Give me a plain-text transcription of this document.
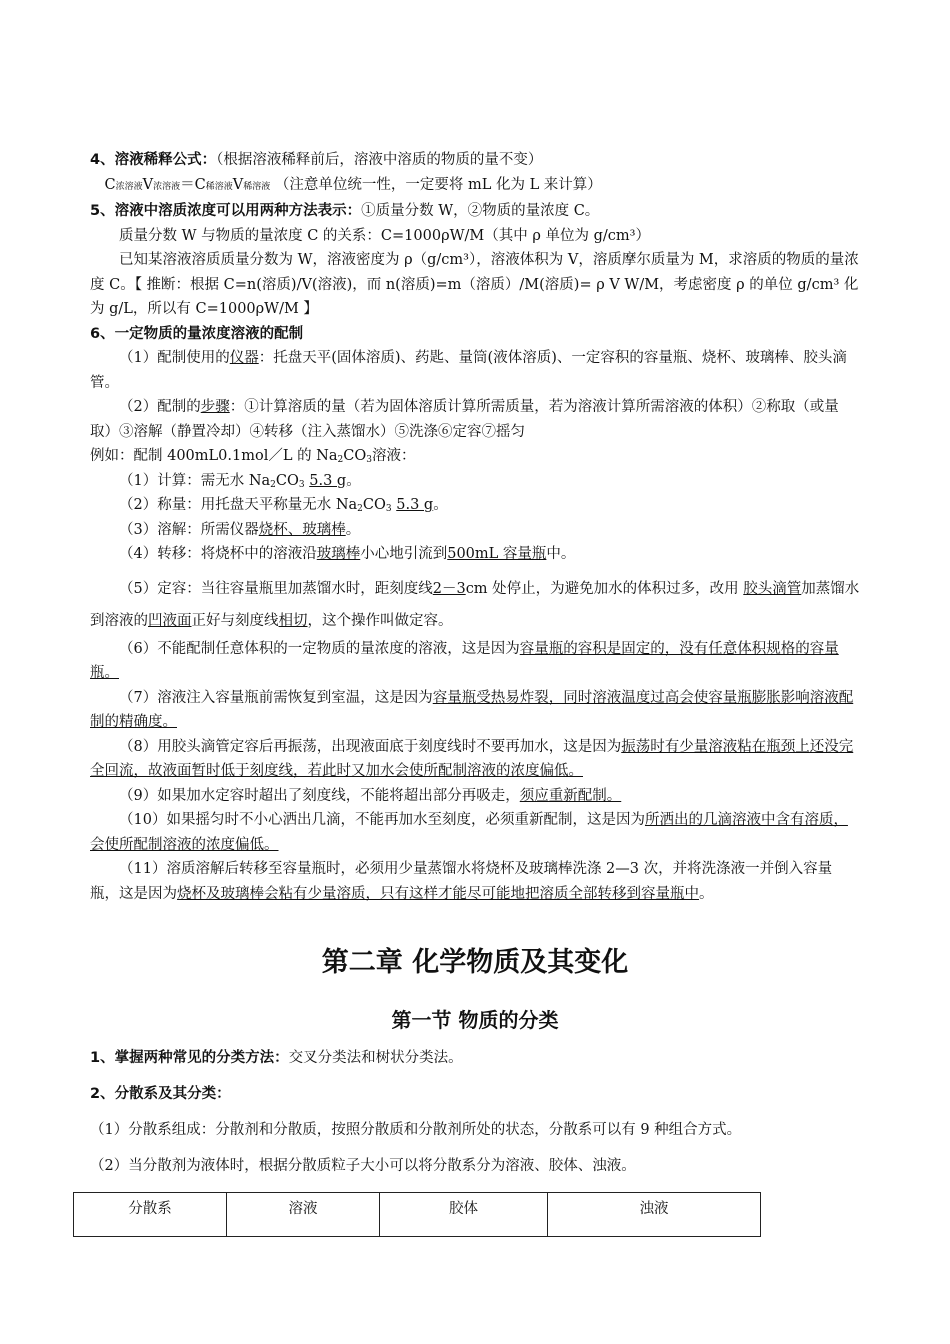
4、溶液稀释公式：（根据溶液稀释前后，溶液中溶质的物质的量不变）

C浓溶液V浓溶液＝C稀溶液V稀溶液 （注意单位统一性，一定要将 mL 化为 L 来计算）

5、溶液中溶质浓度可以用两种方法表示：①质量分数 W，②物质的量浓度 C。

质量分数 W 与物质的量浓度 C 的关系：C=1000ρW/M（其中 ρ 单位为 g/cm³）

已知某溶液溶质质量分数为 W，溶液密度为 ρ（g/cm³），溶液体积为 V，溶质摩尔质量为 M，求溶质的物质的量浓度 C。【 推断：根据 C=n(溶质)/V(溶液)，而 n(溶质)=m（溶质）/M(溶质)= ρ V W/M，考虑密度 ρ 的单位 g/cm³ 化为 g/L，所以有 C=1000ρW/M 】

6、一定物质的量浓度溶液的配制

（1）配制使用的仪器：托盘天平(固体溶质)、药匙、量筒(液体溶质)、一定容积的容量瓶、烧杯、玻璃棒、胶头滴管。

（2）配制的步骤：①计算溶质的量（若为固体溶质计算所需质量，若为溶液计算所需溶液的体积）②称取（或量取）③溶解（静置冷却）④转移（注入蒸馏水）⑤洗涤⑥定容⑦摇匀

例如：配制 400mL0.1mol／L 的 $Na_2CO_3$溶液：

（1）计算：需无水 $Na_2CO_3$ 5.3 g。

（2）称量：用托盘天平称量无水 $Na_2CO_3$ 5.3 g。

（3）溶解：所需仪器烧杯、玻璃棒。

（4）转移：将烧杯中的溶液沿玻璃棒小心地引流到500mL 容量瓶中。

（5）定容：当往容量瓶里加蒸馏水时，距刻度线2－3cm 处停止，为避免加水的体积过多，改用 胶头滴管加蒸馏水到溶液的凹液面正好与刻度线相切，这个操作叫做定容。

（6）不能配制任意体积的一定物质的量浓度的溶液，这是因为容量瓶的容积是固定的，没有任意体积规格的容量瓶。

（7）溶液注入容量瓶前需恢复到室温，这是因为容量瓶受热易炸裂，同时溶液温度过高会使容量瓶膨胀影响溶液配制的精确度。

（8）用胶头滴管定容后再振荡，出现液面底于刻度线时不要再加水，这是因为振荡时有少量溶液粘在瓶颈上还没完全回流，故液面暂时低于刻度线，若此时又加水会使所配制溶液的浓度偏低。

（9）如果加水定容时超出了刻度线，不能将超出部分再吸走，须应重新配制。

（10）如果摇匀时不小心洒出几滴，不能再加水至刻度，必须重新配制，这是因为所洒出的几滴溶液中含有溶质，会使所配制溶液的浓度偏低。

（11）溶质溶解后转移至容量瓶时，必须用少量蒸馏水将烧杯及玻璃棒洗涤 2—3 次，并将洗涤液一并倒入容量瓶，这是因为烧杯及玻璃棒会粘有少量溶质，只有这样才能尽可能地把溶质全部转移到容量瓶中。

第二章 化学物质及其变化
第一节 物质的分类

1、掌握两种常见的分类方法：交叉分类法和树状分类法。

2、分散系及其分类：

（1）分散系组成：分散剂和分散质，按照分散质和分散剂所处的状态，分散系可以有 9 种组合方式。

（2）当分散剂为液体时，根据分散质粒子大小可以将分散系分为溶液、胶体、浊液。

分散系	溶液	胶体	浊液
